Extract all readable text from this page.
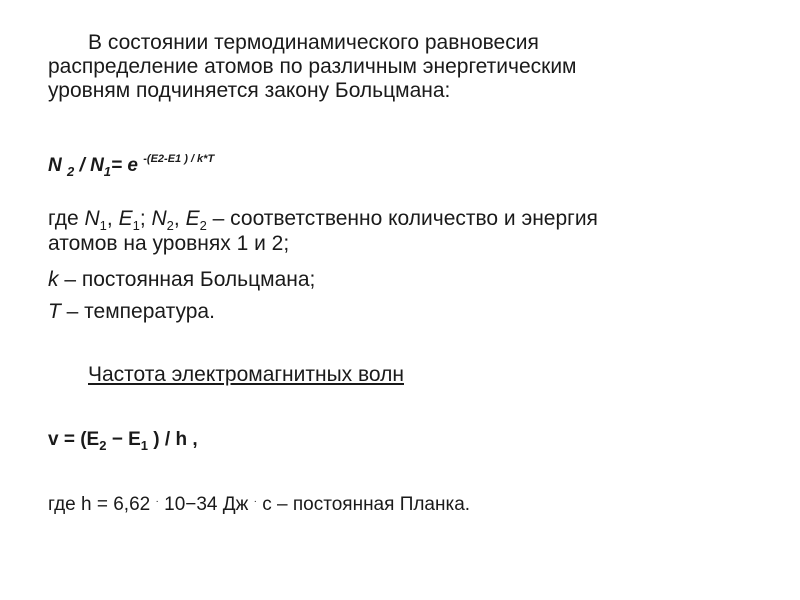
В состоянии термодинамического равновесия
распределение атомов по различным энергетическим
уровням подчиняется закону Больцмана:
N $_2 / N_1= e$ $^{-(E2-E1 ) / k*T}$
где $N_1$, $E_1$; $N_2$, $E_2$ – соответственно количество и энергия
атомов на уровнях 1 и 2;
k – постоянная Больцмана;
T – температура.
Частота электромагнитных волн
$v = (E_2 - E_1$ ) / h ,
где h = 6,62 · 10−34 Дж · с – постоянная Планка.
